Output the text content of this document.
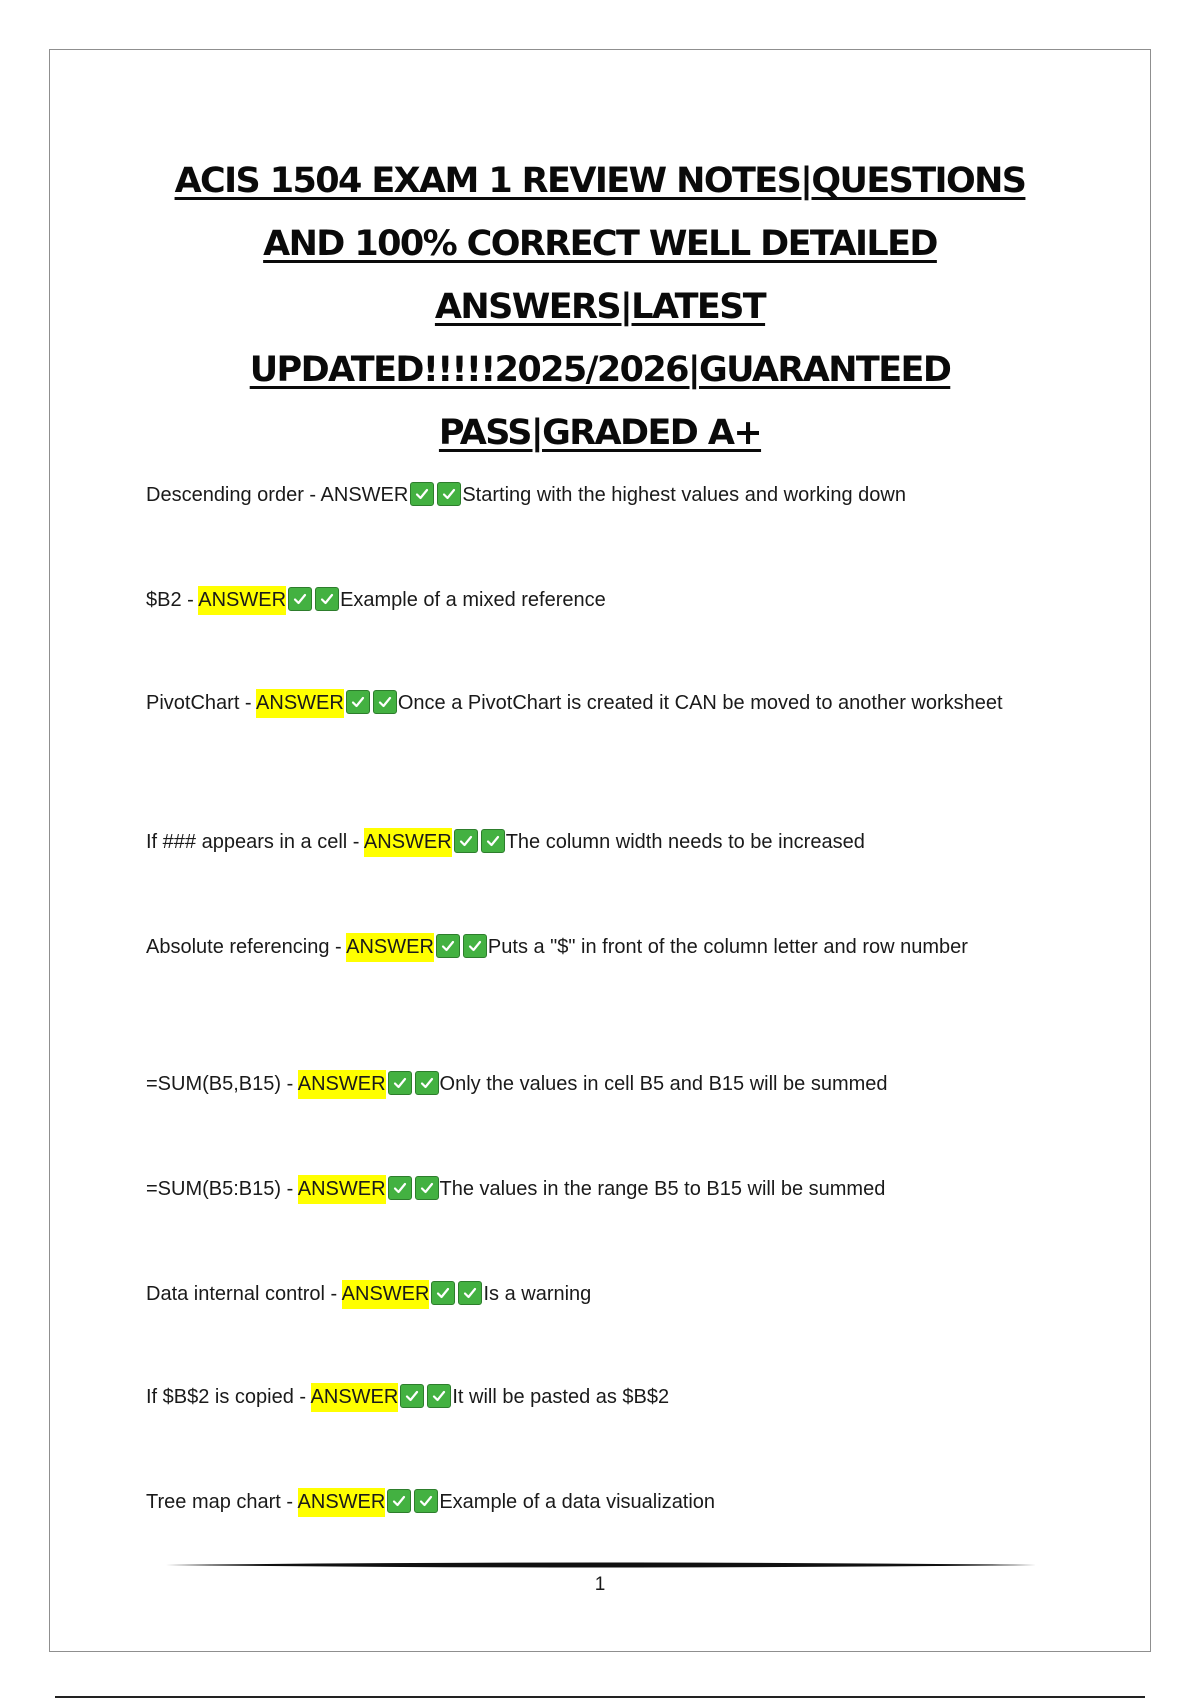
ACIS 1504 EXAM 1 REVIEW NOTES|QUESTIONS
AND 100% CORRECT WELL DETAILED
ANSWERS|LATEST
UPDATED!!!!!2025/2026|GUARANTEED
PASS|GRADED A+
Descending order - ANSWER	Starting with the highest values and working down
$B2 - ANSWER	Example of a mixed reference
PivotChart - ANSWER	Once a PivotChart is created it CAN be moved to another worksheet
If ### appears in a cell - ANSWER	The column width needs to be increased
Absolute referencing - ANSWER	Puts a "$" in front of the column letter and row number
=SUM(B5,B15) - ANSWER	Only the values in cell B5 and B15 will be summed
=SUM(B5:B15) - ANSWER	The values in the range B5 to B15 will be summed
Data internal control - ANSWER	Is a warning
If $B$2 is copied - ANSWER	It will be pasted as $B$2
Tree map chart - ANSWER	Example of a data visualization
1
